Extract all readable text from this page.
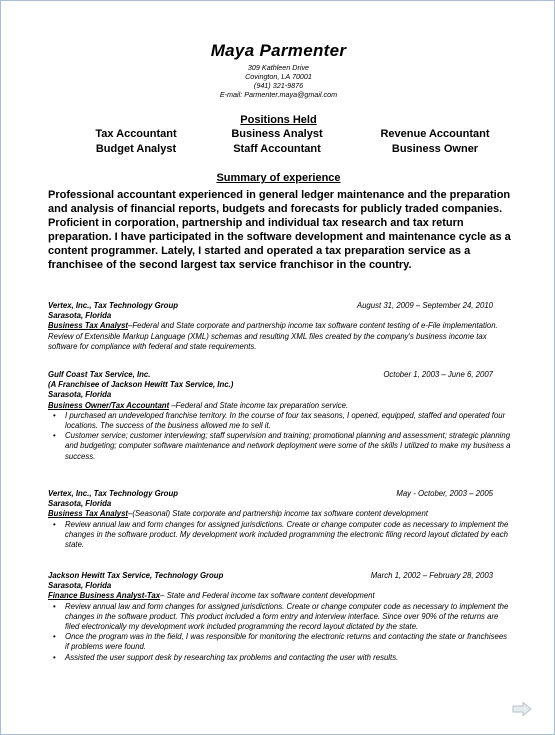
Maya Parmenter
309 Kathleen Drive
Covington, LA 70001
(941) 321-9876
E-mail: Parmenter.maya@gmail.com
Positions Held
Tax Accountant	Business Analyst	Revenue Accountant
Budget Analyst	Staff Accountant	Business Owner
Summary of experience
Professional accountant experienced in general ledger maintenance and the preparation and analysis of financial reports, budgets and forecasts for publicly traded companies. Proficient in corporation, partnership and individual tax research and tax return preparation. I have participated in the software development and maintenance cycle as a content programmer. Lately, I started and operated a tax preparation service as a franchisee of the second largest tax service franchisor in the country.
Vertex, Inc., Tax Technology Group	August 31, 2009 – September 24, 2010
Sarasota, Florida
Business Tax Analyst–Federal and State corporate and partnership income tax software content testing of e-File implementation. Review of Extensible Markup Language (XML) schemas and resulting XML files created by the company's business income tax software for compliance with federal and state requirements.
Gulf Coast Tax Service, Inc.	October 1, 2003 – June 6, 2007
(A Franchisee of Jackson Hewitt Tax Service, Inc.)
Sarasota, Florida
Business Owner/Tax Accountant –Federal and State income tax preparation service.
• I purchased an undeveloped franchise territory. In the course of four tax seasons, I opened, equipped, staffed and operated four locations. The success of the business allowed me to sell it.
• Customer service; customer interviewing; staff supervision and training; promotional planning and assessment; strategic planning and budgeting; computer software maintenance and network deployment were some of the skills I utilized to make my business a success.
Vertex, Inc., Tax Technology Group	May - October, 2003 – 2005
Sarasota, Florida
Business Tax Analyst–(Seasonal) State corporate and partnership income tax software content development
• Review annual law and form changes for assigned jurisdictions. Create or change computer code as necessary to implement the changes in the software product. My development work included programming the electronic filing record layout dictated by each state.
Jackson Hewitt Tax Service, Technology Group	March 1, 2002 – February 28, 2003
Sarasota, Florida
Finance Business Analyst-Tax– State and Federal income tax software content development
• Review annual law and form changes for assigned jurisdictions. Create or change computer code as necessary to implement the changes in the software product. This product included a form entry and interview interface. Since over 90% of the returns are filed electronically my development work included programming the record layout dictated by the state.
• Once the program was in the field, I was responsible for monitoring the electronic returns and contacting the state or franchisees if problems were found.
• Assisted the user support desk by researching tax problems and contacting the user with results.
